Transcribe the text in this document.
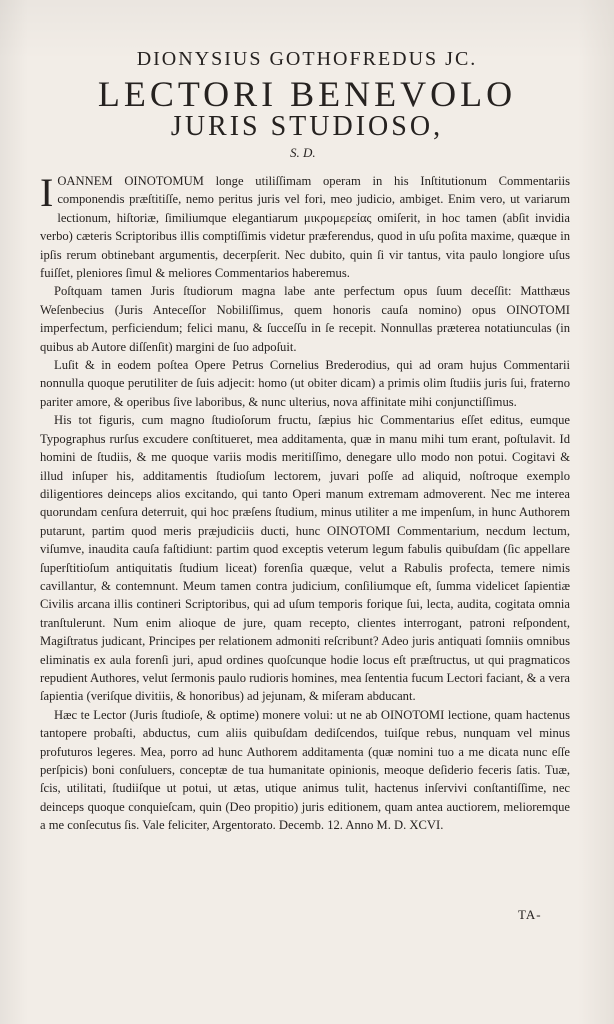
DIONYSIUS GOTHOFREDUS JC.
LECTORI BENEVOLO
JURIS STUDIOSO,
S. D.

IOANNEM OINOTOMUM longe utiliſſimam operam in his Inſtitutionum Commentariis componendis præſtitiſſe, nemo peritus juris vel fori, meo judicio, ambiget. Enim vero, ut variarum lectionum, hiſtoriæ, ſimiliumque elegantiarum μικρομερείας omiſerit, in hoc tamen (abſit invidia verbo) cæteris Scriptoribus illis comptiſſimis videtur præferendus, quod in uſu poſita maxime, quæque in ipſis rerum obtinebant argumentis, decerpſerit. Nec dubito, quin ſi vir tantus, vita paulo longiore uſus fuiſſet, pleniores ſimul & meliores Commentarios haberemus.

Poſtquam tamen Juris ſtudiorum magna labe ante perfectum opus ſuum deceſſit: Matthæus Weſenbecius (Juris Anteceſſor Nobiliſſimus, quem honoris cauſa nomino) opus OINOTOMI imperfectum, perficiendum; felici manu, & ſucceſſu in ſe recepit. Nonnullas præterea notatiunculas (in quibus ab Autore diſſenſit) margini de ſuo adpoſuit.

Luſit & in eodem poſtea Opere Petrus Cornelius Brederodius, qui ad oram hujus Commentarii nonnulla quoque perutiliter de ſuis adjecit: homo (ut obiter dicam) a primis olim ſtudiis juris ſui, fraterno pariter amore, & operibus ſive laboribus, & nunc ulterius, nova affinitate mihi conjunctiſſimus.

His tot figuris, cum magno ſtudioſorum fructu, ſæpius hic Commentarius eſſet editus, eumque Typographus rurſus excudere conſtitueret, mea additamenta, quæ in manu mihi tum erant, poſtulavit. Id homini de ſtudiis, & me quoque variis modis meritiſſimo, denegare ullo modo non potui. Cogitavi & illud inſuper his, additamentis ſtudioſum lectorem, juvari poſſe ad aliquid, noſtroque exemplo diligentiores deinceps alios excitando, qui tanto Operi manum extremam admoverent. Nec me interea quorundam cenſura deterruit, qui hoc præſens ſtudium, minus utiliter a me impenſum, in hunc Authorem putarunt, partim quod meris præjudiciis ducti, hunc OINOTOMI Commentarium, necdum lectum, viſumve, inaudita cauſa faſtidiunt: partim quod exceptis veterum legum fabulis quibuſdam (ſic appellare ſuperſtitioſum antiquitatis ſtudium liceat) forenſia quæque, velut a Rabulis profecta, temere nimis cavillantur, & contemnunt. Meum tamen contra judicium, conſiliumque eſt, ſumma videlicet ſapientiæ Civilis arcana illis contineri Scriptoribus, qui ad uſum temporis forique ſui, lecta, audita, cogitata omnia tranſtulerunt. Num enim alioque de jure, quam recepto, clientes interrogant, patroni reſpondent, Magiſtratus judicant, Principes per relationem admoniti reſcribunt? Adeo juris antiquati ſomniis omnibus eliminatis ex aula forenſi juri, apud ordines quoſcunque hodie locus eſt præſtructus, ut qui pragmaticos repudient Authores, velut ſermonis paulo rudioris homines, mea ſententia fucum Lectori faciant, & a vera ſapientia (veriſque divitiis, & honoribus) ad jejunam, & miſeram abducant.

Hæc te Lector (Juris ſtudioſe, & optime) monere volui: ut ne ab OINOTOMI lectione, quam hactenus tantopere probaſti, abductus, cum aliis quibuſdam dediſcendos, tuiſque rebus, nunquam vel minus profuturos legeres. Mea, porro ad hunc Authorem additamenta (quæ nomini tuo a me dicata nunc eſſe perſpicis) boni conſuluers, conceptæ de tua humanitate opinionis, meoque deſiderio feceris ſatis. Tuæ, ſcis, utilitati, ſtudiiſque ut potui, ut ætas, utique animus tulit, hactenus inſervivi conſtantiſſime, nec deinceps quoque conquieſcam, quin (Deo propitio) juris editionem, quam antea auctiorem, melioremque a me conſecutus ſis. Vale feliciter, Argentorato. Decemb. 12. Anno M. D. XCVI.

TA-
